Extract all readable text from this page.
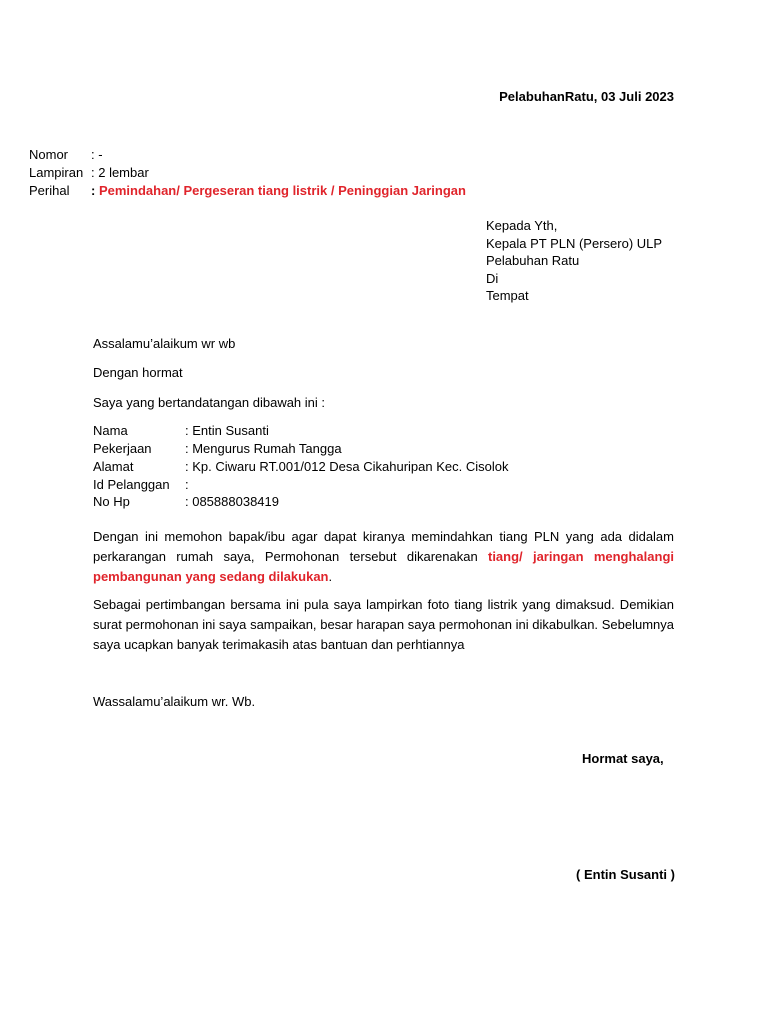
PelabuhanRatu, 03 Juli 2023
Nomor	: -
Lampiran : 2 lembar
Perihal	: Pemindahan/ Pergeseran tiang listrik / Peninggian Jaringan
Kepada Yth,
Kepala PT PLN (Persero) ULP
Pelabuhan Ratu
Di
Tempat
Assalamu’alaikum wr wb
Dengan hormat
Saya yang bertandatangan dibawah ini :
Nama	: Entin Susanti
Pekerjaan	: Mengurus Rumah Tangga
Alamat	: Kp. Ciwaru RT.001/012 Desa Cikahuripan Kec. Cisolok
Id Pelanggan :
No Hp	: 085888038419
Dengan ini memohon bapak/ibu agar dapat kiranya memindahkan tiang PLN yang ada didalam perkarangan rumah saya, Permohonan tersebut dikarenakan tiang/ jaringan menghalangi pembangunan yang sedang dilakukan.
Sebagai pertimbangan bersama ini pula saya lampirkan foto tiang listrik yang dimaksud. Demikian surat permohonan ini saya sampaikan, besar harapan saya permohonan ini dikabulkan. Sebelumnya saya ucapkan banyak terimakasih atas bantuan dan perhtiannya
Wassalamu’alaikum wr. Wb.
Hormat saya,
( Entin Susanti )
